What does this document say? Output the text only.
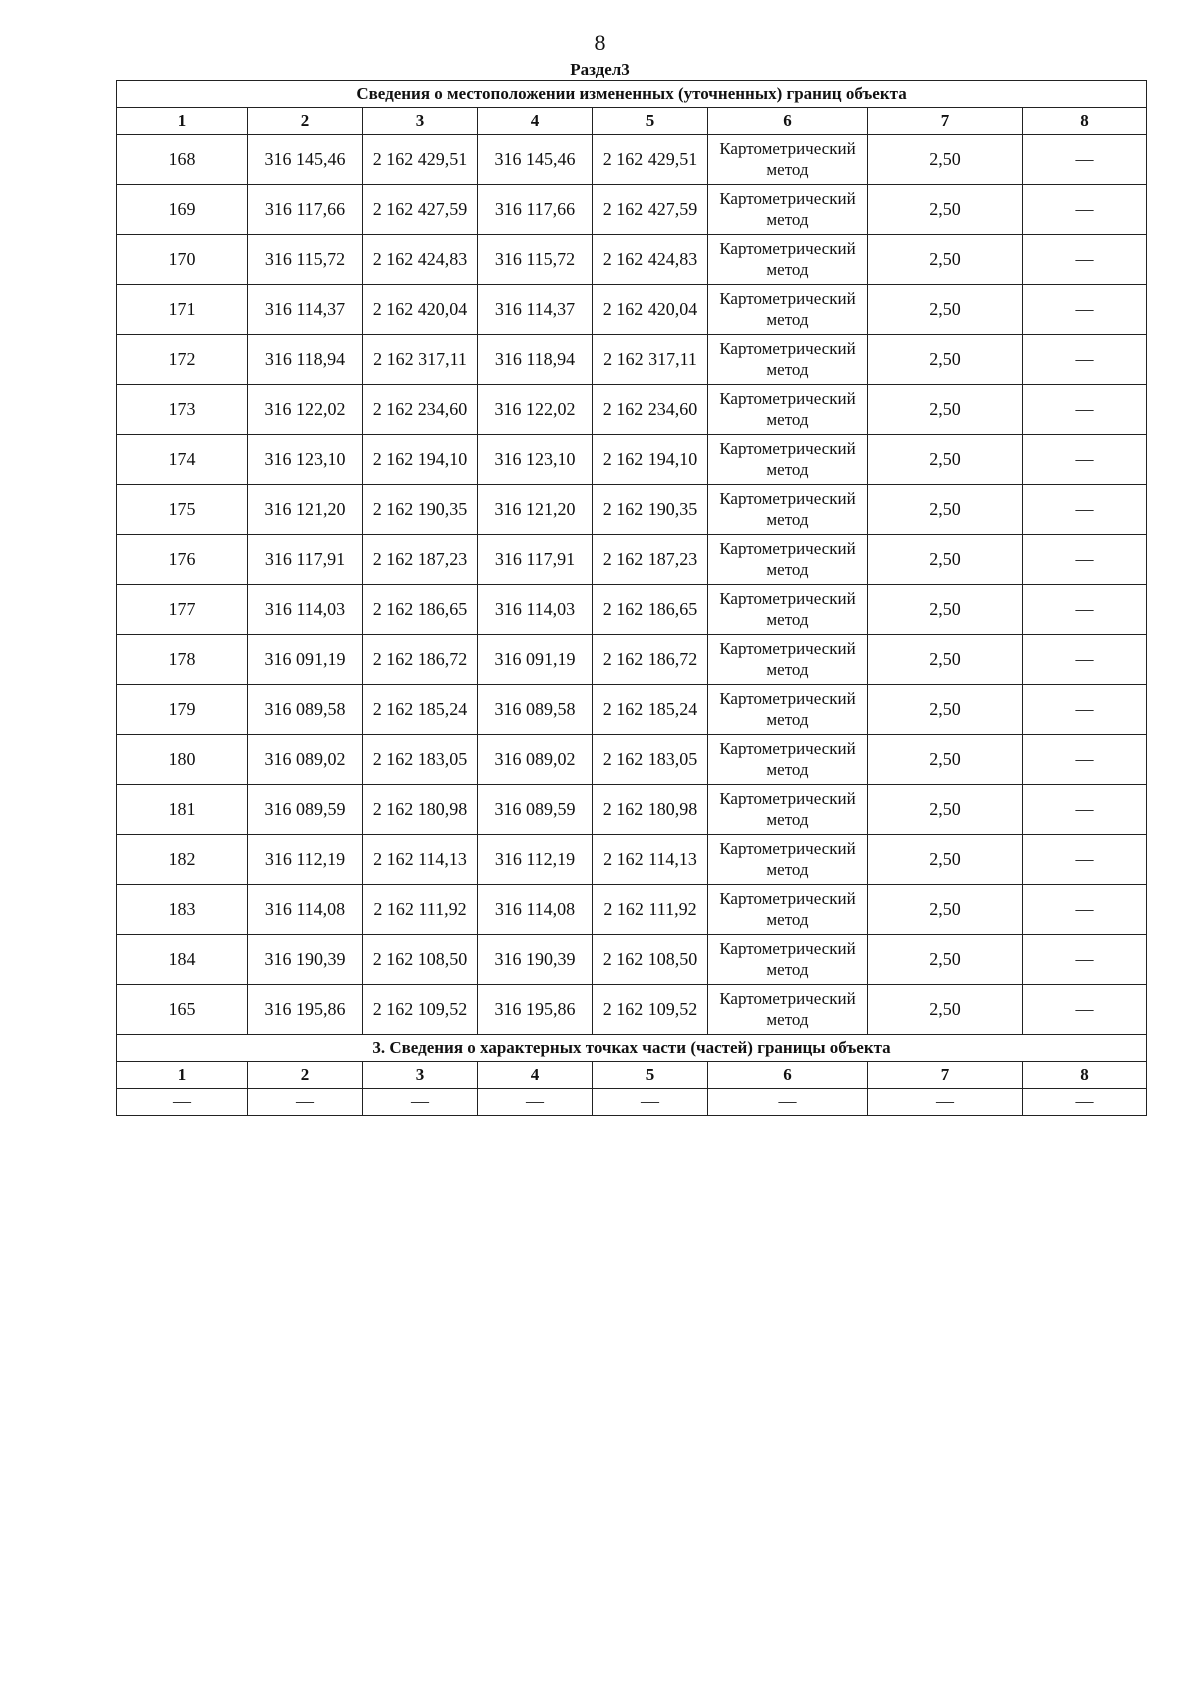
8
Раздел3
Сведения о местоположении измененных (уточненных) границ объекта							
1	2	3	4	5	6	7	8
168	316 145,46	2 162 429,51	316 145,46	2 162 429,51	Картометрический метод	2,50	—
169	316 117,66	2 162 427,59	316 117,66	2 162 427,59	Картометрический метод	2,50	—
170	316 115,72	2 162 424,83	316 115,72	2 162 424,83	Картометрический метод	2,50	—
171	316 114,37	2 162 420,04	316 114,37	2 162 420,04	Картометрический метод	2,50	—
172	316 118,94	2 162 317,11	316 118,94	2 162 317,11	Картометрический метод	2,50	—
173	316 122,02	2 162 234,60	316 122,02	2 162 234,60	Картометрический метод	2,50	—
174	316 123,10	2 162 194,10	316 123,10	2 162 194,10	Картометрический метод	2,50	—
175	316 121,20	2 162 190,35	316 121,20	2 162 190,35	Картометрический метод	2,50	—
176	316 117,91	2 162 187,23	316 117,91	2 162 187,23	Картометрический метод	2,50	—
177	316 114,03	2 162 186,65	316 114,03	2 162 186,65	Картометрический метод	2,50	—
178	316 091,19	2 162 186,72	316 091,19	2 162 186,72	Картометрический метод	2,50	—
179	316 089,58	2 162 185,24	316 089,58	2 162 185,24	Картометрический метод	2,50	—
180	316 089,02	2 162 183,05	316 089,02	2 162 183,05	Картометрический метод	2,50	—
181	316 089,59	2 162 180,98	316 089,59	2 162 180,98	Картометрический метод	2,50	—
182	316 112,19	2 162 114,13	316 112,19	2 162 114,13	Картометрический метод	2,50	—
183	316 114,08	2 162 111,92	316 114,08	2 162 111,92	Картометрический метод	2,50	—
184	316 190,39	2 162 108,50	316 190,39	2 162 108,50	Картометрический метод	2,50	—
165	316 195,86	2 162 109,52	316 195,86	2 162 109,52	Картометрический метод	2,50	—
3. Сведения о характерных точках части (частей) границы объекта							
1	2	3	4	5	6	7	8
—	—	—	—	—	—	—	—
